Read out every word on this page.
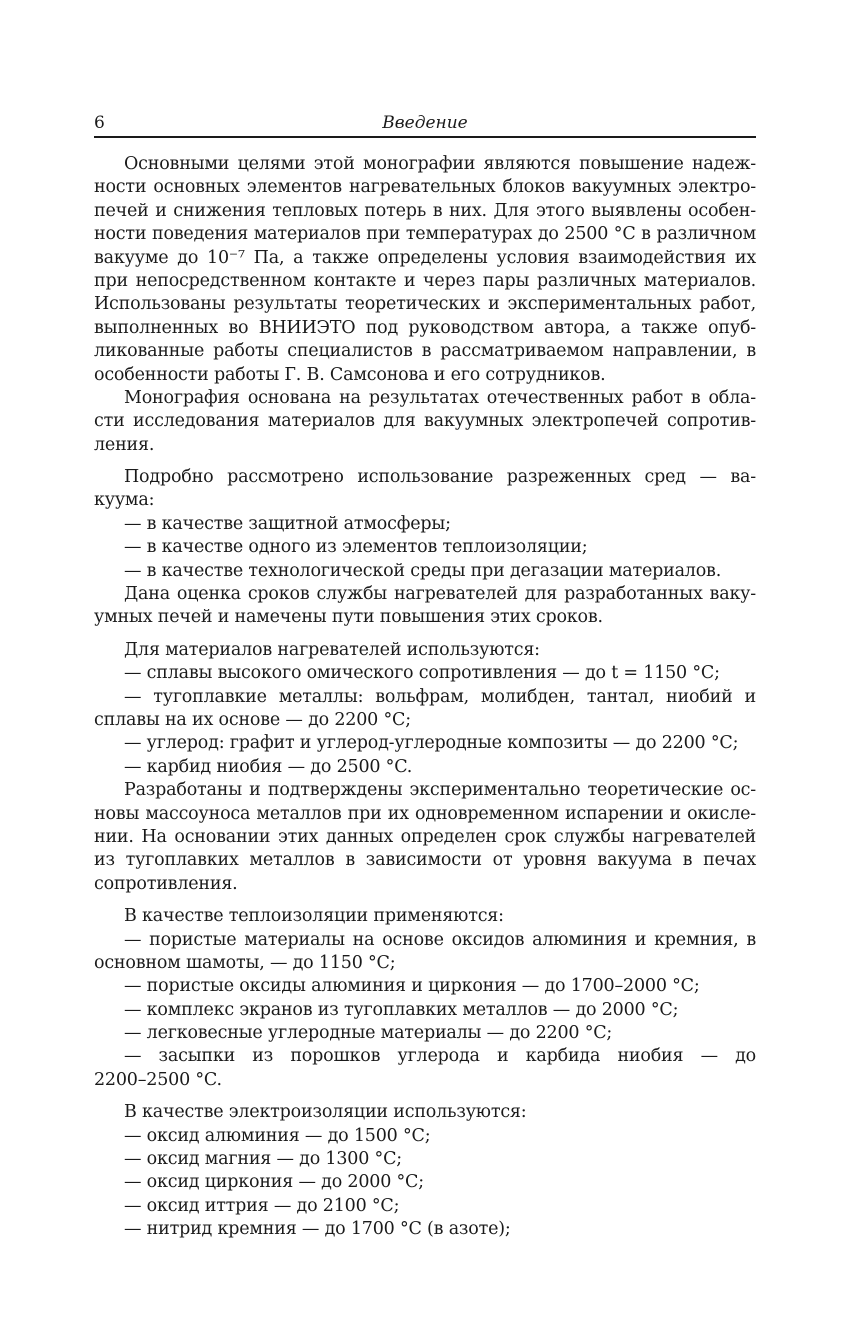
6	Введение
Основными целями этой монографии являются повышение надеж-
ности основных элементов нагревательных блоков вакуумных электро-
печей и снижения тепловых потерь в них. Для этого выявлены особен-
ности поведения материалов при температурах до 2500 °C в различном
вакууме до 10⁻⁷ Па, а также определены условия взаимодействия их
при непосредственном контакте и через пары различных материалов.
Использованы результаты теоретических и экспериментальных работ,
выполненных во ВНИИЭТО под руководством автора, а также опуб-
ликованные работы специалистов в рассматриваемом направлении, в
особенности работы Г. В. Самсонова и его сотрудников.
Монография основана на результатах отечественных работ в обла-
сти исследования материалов для вакуумных электропечей сопротив-
ления.
Подробно рассмотрено использование разреженных сред — ва-
куума:
— в качестве защитной атмосферы;
— в качестве одного из элементов теплоизоляции;
— в качестве технологической среды при дегазации материалов.
Дана оценка сроков службы нагревателей для разработанных ваку-
умных печей и намечены пути повышения этих сроков.
Для материалов нагревателей используются:
— сплавы высокого омического сопротивления — до t = 1150 °C;
— тугоплавкие металлы: вольфрам, молибден, тантал, ниобий и
сплавы на их основе — до 2200 °C;
— углерод: графит и углерод-углеродные композиты — до 2200 °C;
— карбид ниобия — до 2500 °C.
Разработаны и подтверждены экспериментально теоретические ос-
новы массоуноса металлов при их одновременном испарении и окисле-
нии. На основании этих данных определен срок службы нагревателей
из тугоплавких металлов в зависимости от уровня вакуума в печах
сопротивления.
В качестве теплоизоляции применяются:
— пористые материалы на основе оксидов алюминия и кремния, в
основном шамоты, — до 1150 °C;
— пористые оксиды алюминия и циркония — до 1700–2000 °C;
— комплекс экранов из тугоплавких металлов — до 2000 °C;
— легковесные углеродные материалы — до 2200 °C;
— засыпки из порошков углерода и карбида ниобия — до
2200–2500 °C.
В качестве электроизоляции используются:
— оксид алюминия — до 1500 °C;
— оксид магния — до 1300 °C;
— оксид циркония — до 2000 °C;
— оксид иттрия — до 2100 °C;
— нитрид кремния — до 1700 °C (в азоте);
